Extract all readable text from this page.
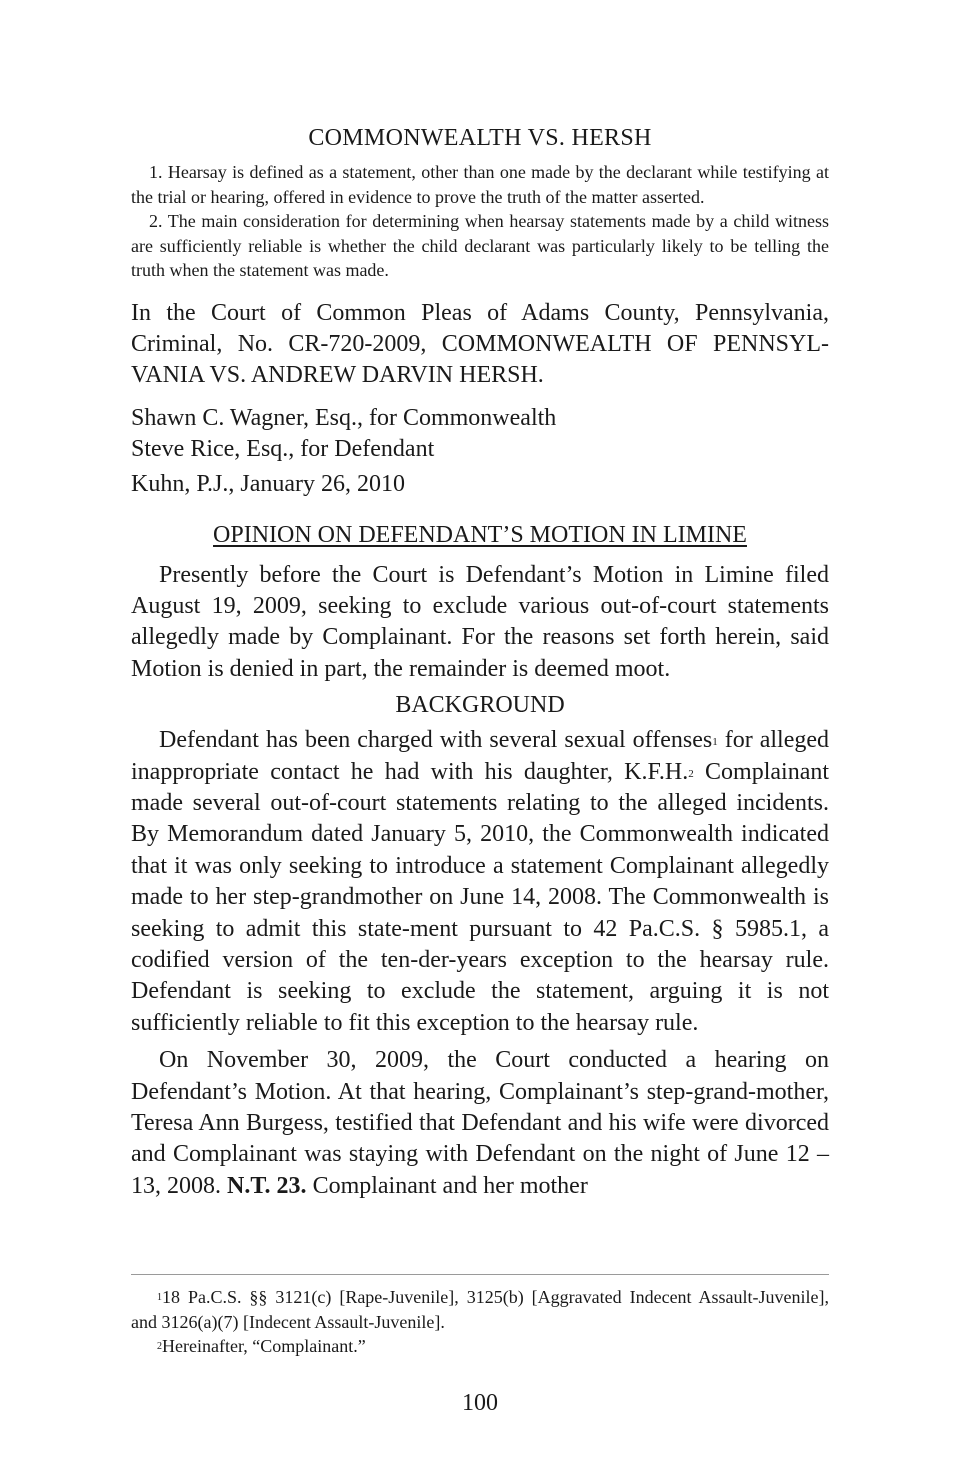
COMMONWEALTH VS. HERSH

1. Hearsay is defined as a statement, other than one made by the declarant while testifying at the trial or hearing, offered in evidence to prove the truth of the matter asserted.

2. The main consideration for determining when hearsay statements made by a child witness are sufficiently reliable is whether the child declarant was particularly likely to be telling the truth when the statement was made.

In the Court of Common Pleas of Adams County, Pennsylvania, Criminal, No. CR-720-2009, COMMONWEALTH OF PENNSYL-VANIA VS. ANDREW DARVIN HERSH.

Shawn C. Wagner, Esq., for Commonwealth
Steve Rice, Esq., for Defendant
Kuhn, P.J., January 26, 2010
OPINION ON DEFENDANT’S MOTION IN LIMINE

Presently before the Court is Defendant’s Motion in Limine filed August 19, 2009, seeking to exclude various out-of-court statements allegedly made by Complainant. For the reasons set forth herein, said Motion is denied in part, the remainder is deemed moot.

BACKGROUND

Defendant has been charged with several sexual offenses$^1$ for alleged inappropriate contact he had with his daughter, K.F.H.$^2$ Complainant made several out-of-court statements relating to the alleged incidents. By Memorandum dated January 5, 2010, the Commonwealth indicated that it was only seeking to introduce a statement Complainant allegedly made to her step-grandmother on June 14, 2008. The Commonwealth is seeking to admit this state-ment pursuant to 42 Pa.C.S. § 5985.1, a codified version of the ten-der-years exception to the hearsay rule. Defendant is seeking to exclude the statement, arguing it is not sufficiently reliable to fit this exception to the hearsay rule.

On November 30, 2009, the Court conducted a hearing on Defendant’s Motion. At that hearing, Complainant’s step-grand-mother, Teresa Ann Burgess, testified that Defendant and his wife were divorced and Complainant was staying with Defendant on the night of June 12 – 13, 2008. N.T. 23. Complainant and her mother

$^1$18 Pa.C.S. §§ 3121(c) [Rape-Juvenile], 3125(b) [Aggravated Indecent Assault-Juvenile], and 3126(a)(7) [Indecent Assault-Juvenile].

$^2$Hereinafter, “Complainant.”

100
